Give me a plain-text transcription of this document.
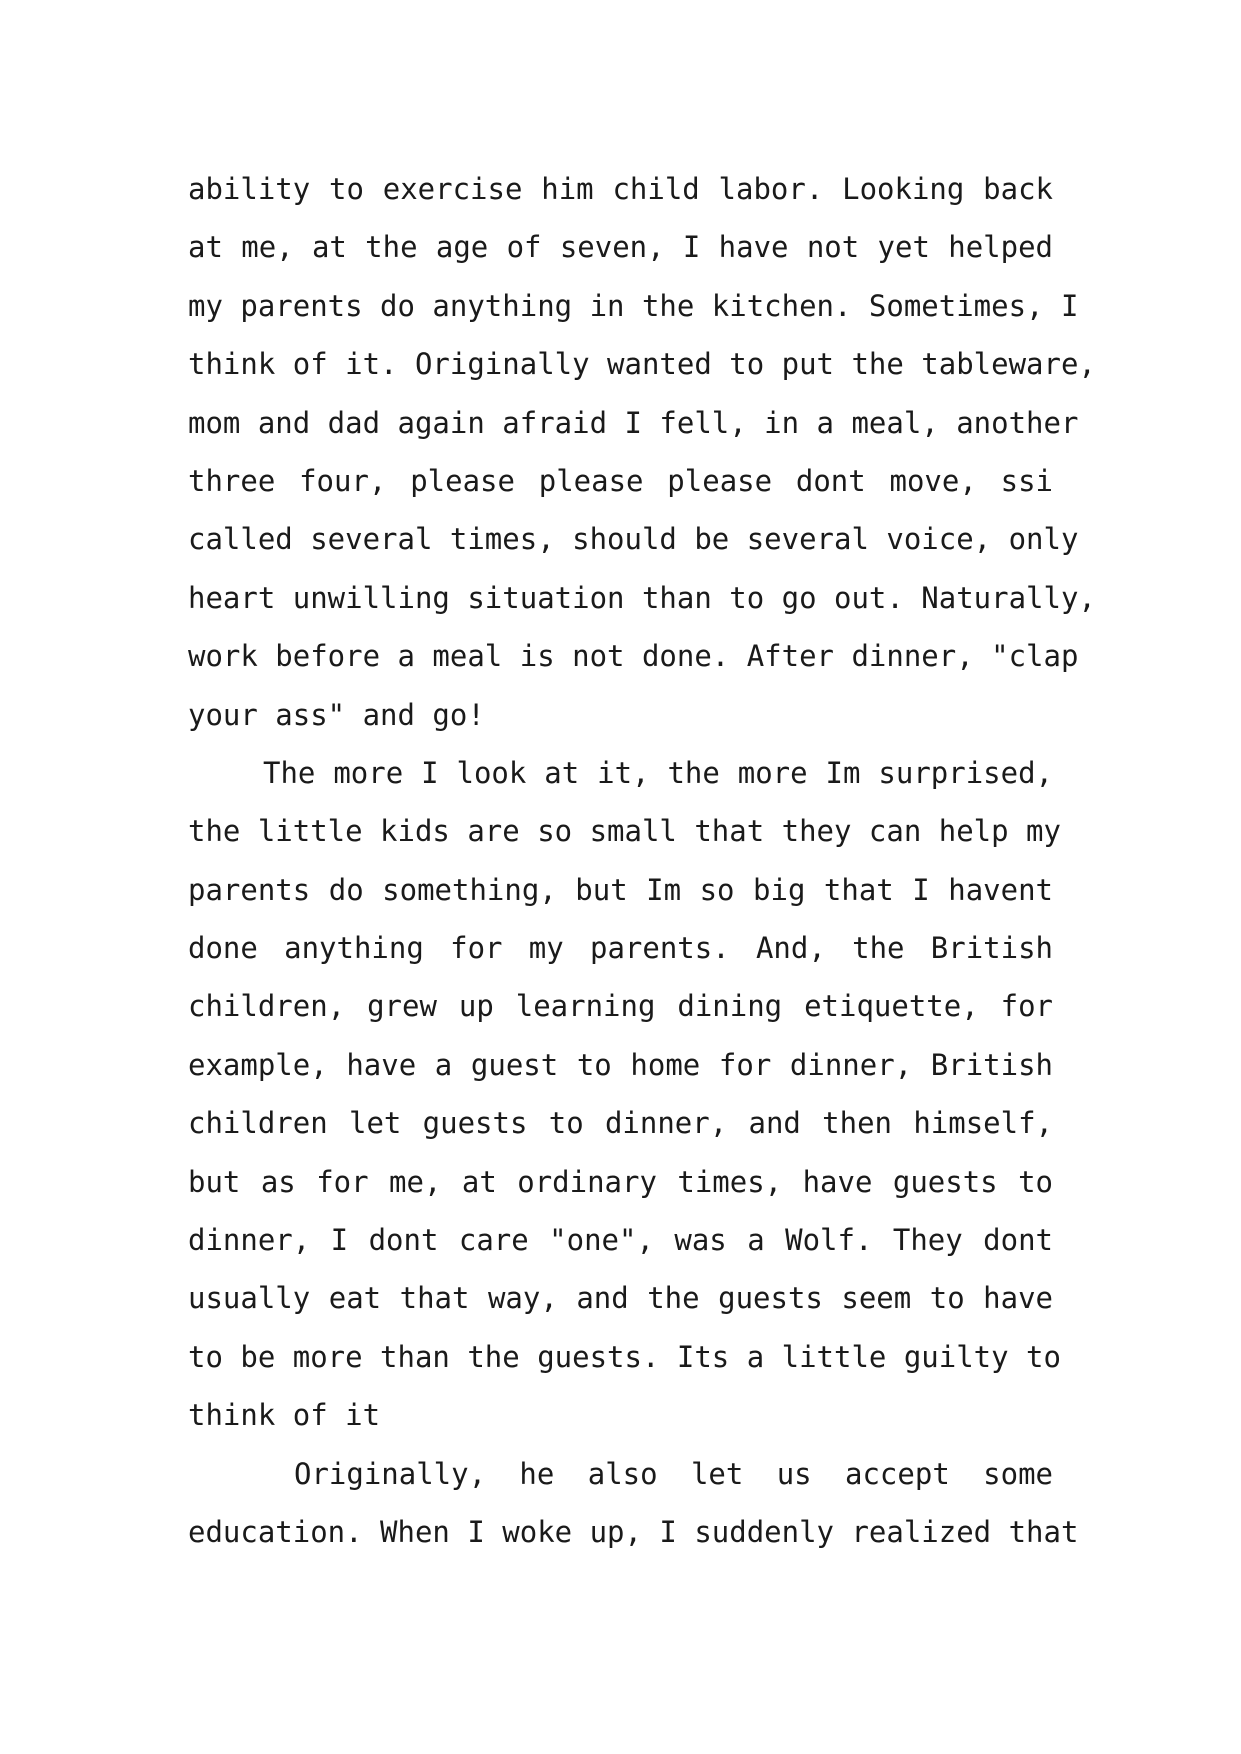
ability to exercise him child labor. Looking back
at me, at the age of seven, I have not yet helped
my parents do anything in the kitchen. Sometimes, I
think of it. Originally wanted to put the tableware,
mom and dad again afraid I fell, in a meal, another
three four, please please please dont move, ssi
called several times, should be several voice, only
heart unwilling situation than to go out. Naturally,
work before a meal is not done. After dinner, "clap
your ass" and go!
The more I look at it, the more Im surprised,
the little kids are so small that they can help my
parents do something, but Im so big that I havent
done anything for my parents. And, the British
children, grew up learning dining etiquette, for
example, have a guest to home for dinner, British
children let guests to dinner, and then himself,
but as for me, at ordinary times, have guests to
dinner, I dont care "one", was a Wolf. They dont
usually eat that way, and the guests seem to have
to be more than the guests. Its a little guilty to
think of it
Originally, he also let us accept some
education. When I woke up, I suddenly realized that
